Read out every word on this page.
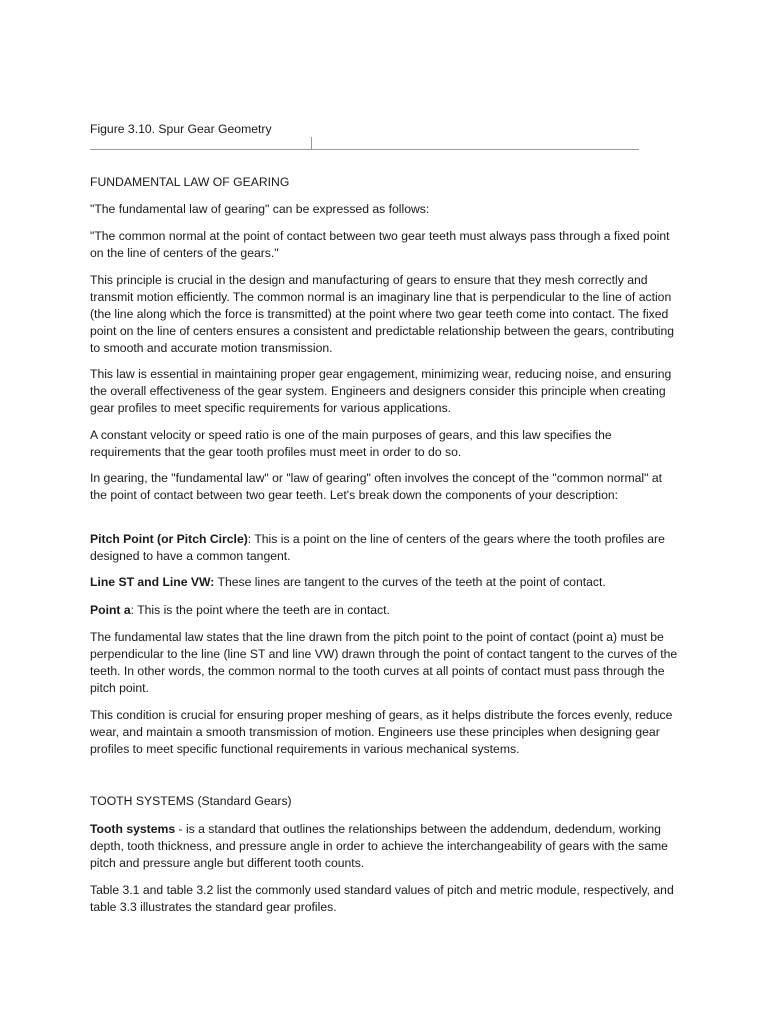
Figure 3.10. Spur Gear Geometry

FUNDAMENTAL LAW OF GEARING

"The fundamental law of gearing" can be expressed as follows:

"The common normal at the point of contact between two gear teeth must always pass through a fixed point on the line of centers of the gears."

This principle is crucial in the design and manufacturing of gears to ensure that they mesh correctly and transmit motion efficiently. The common normal is an imaginary line that is perpendicular to the line of action (the line along which the force is transmitted) at the point where two gear teeth come into contact. The fixed point on the line of centers ensures a consistent and predictable relationship between the gears, contributing to smooth and accurate motion transmission.

This law is essential in maintaining proper gear engagement, minimizing wear, reducing noise, and ensuring the overall effectiveness of the gear system. Engineers and designers consider this principle when creating gear profiles to meet specific requirements for various applications.

A constant velocity or speed ratio is one of the main purposes of gears, and this law specifies the requirements that the gear tooth profiles must meet in order to do so.

In gearing, the "fundamental law" or "law of gearing" often involves the concept of the "common normal" at the point of contact between two gear teeth. Let's break down the components of your description:

Pitch Point (or Pitch Circle): This is a point on the line of centers of the gears where the tooth profiles are designed to have a common tangent.

Line ST and Line VW: These lines are tangent to the curves of the teeth at the point of contact.

Point a: This is the point where the teeth are in contact.

The fundamental law states that the line drawn from the pitch point to the point of contact (point a) must be perpendicular to the line (line ST and line VW) drawn through the point of contact tangent to the curves of the teeth. In other words, the common normal to the tooth curves at all points of contact must pass through the pitch point.

This condition is crucial for ensuring proper meshing of gears, as it helps distribute the forces evenly, reduce wear, and maintain a smooth transmission of motion. Engineers use these principles when designing gear profiles to meet specific functional requirements in various mechanical systems.

TOOTH SYSTEMS (Standard Gears)

Tooth systems - is a standard that outlines the relationships between the addendum, dedendum, working depth, tooth thickness, and pressure angle in order to achieve the interchangeability of gears with the same pitch and pressure angle but different tooth counts.

Table 3.1 and table 3.2 list the commonly used standard values of pitch and metric module, respectively, and table 3.3 illustrates the standard gear profiles.
